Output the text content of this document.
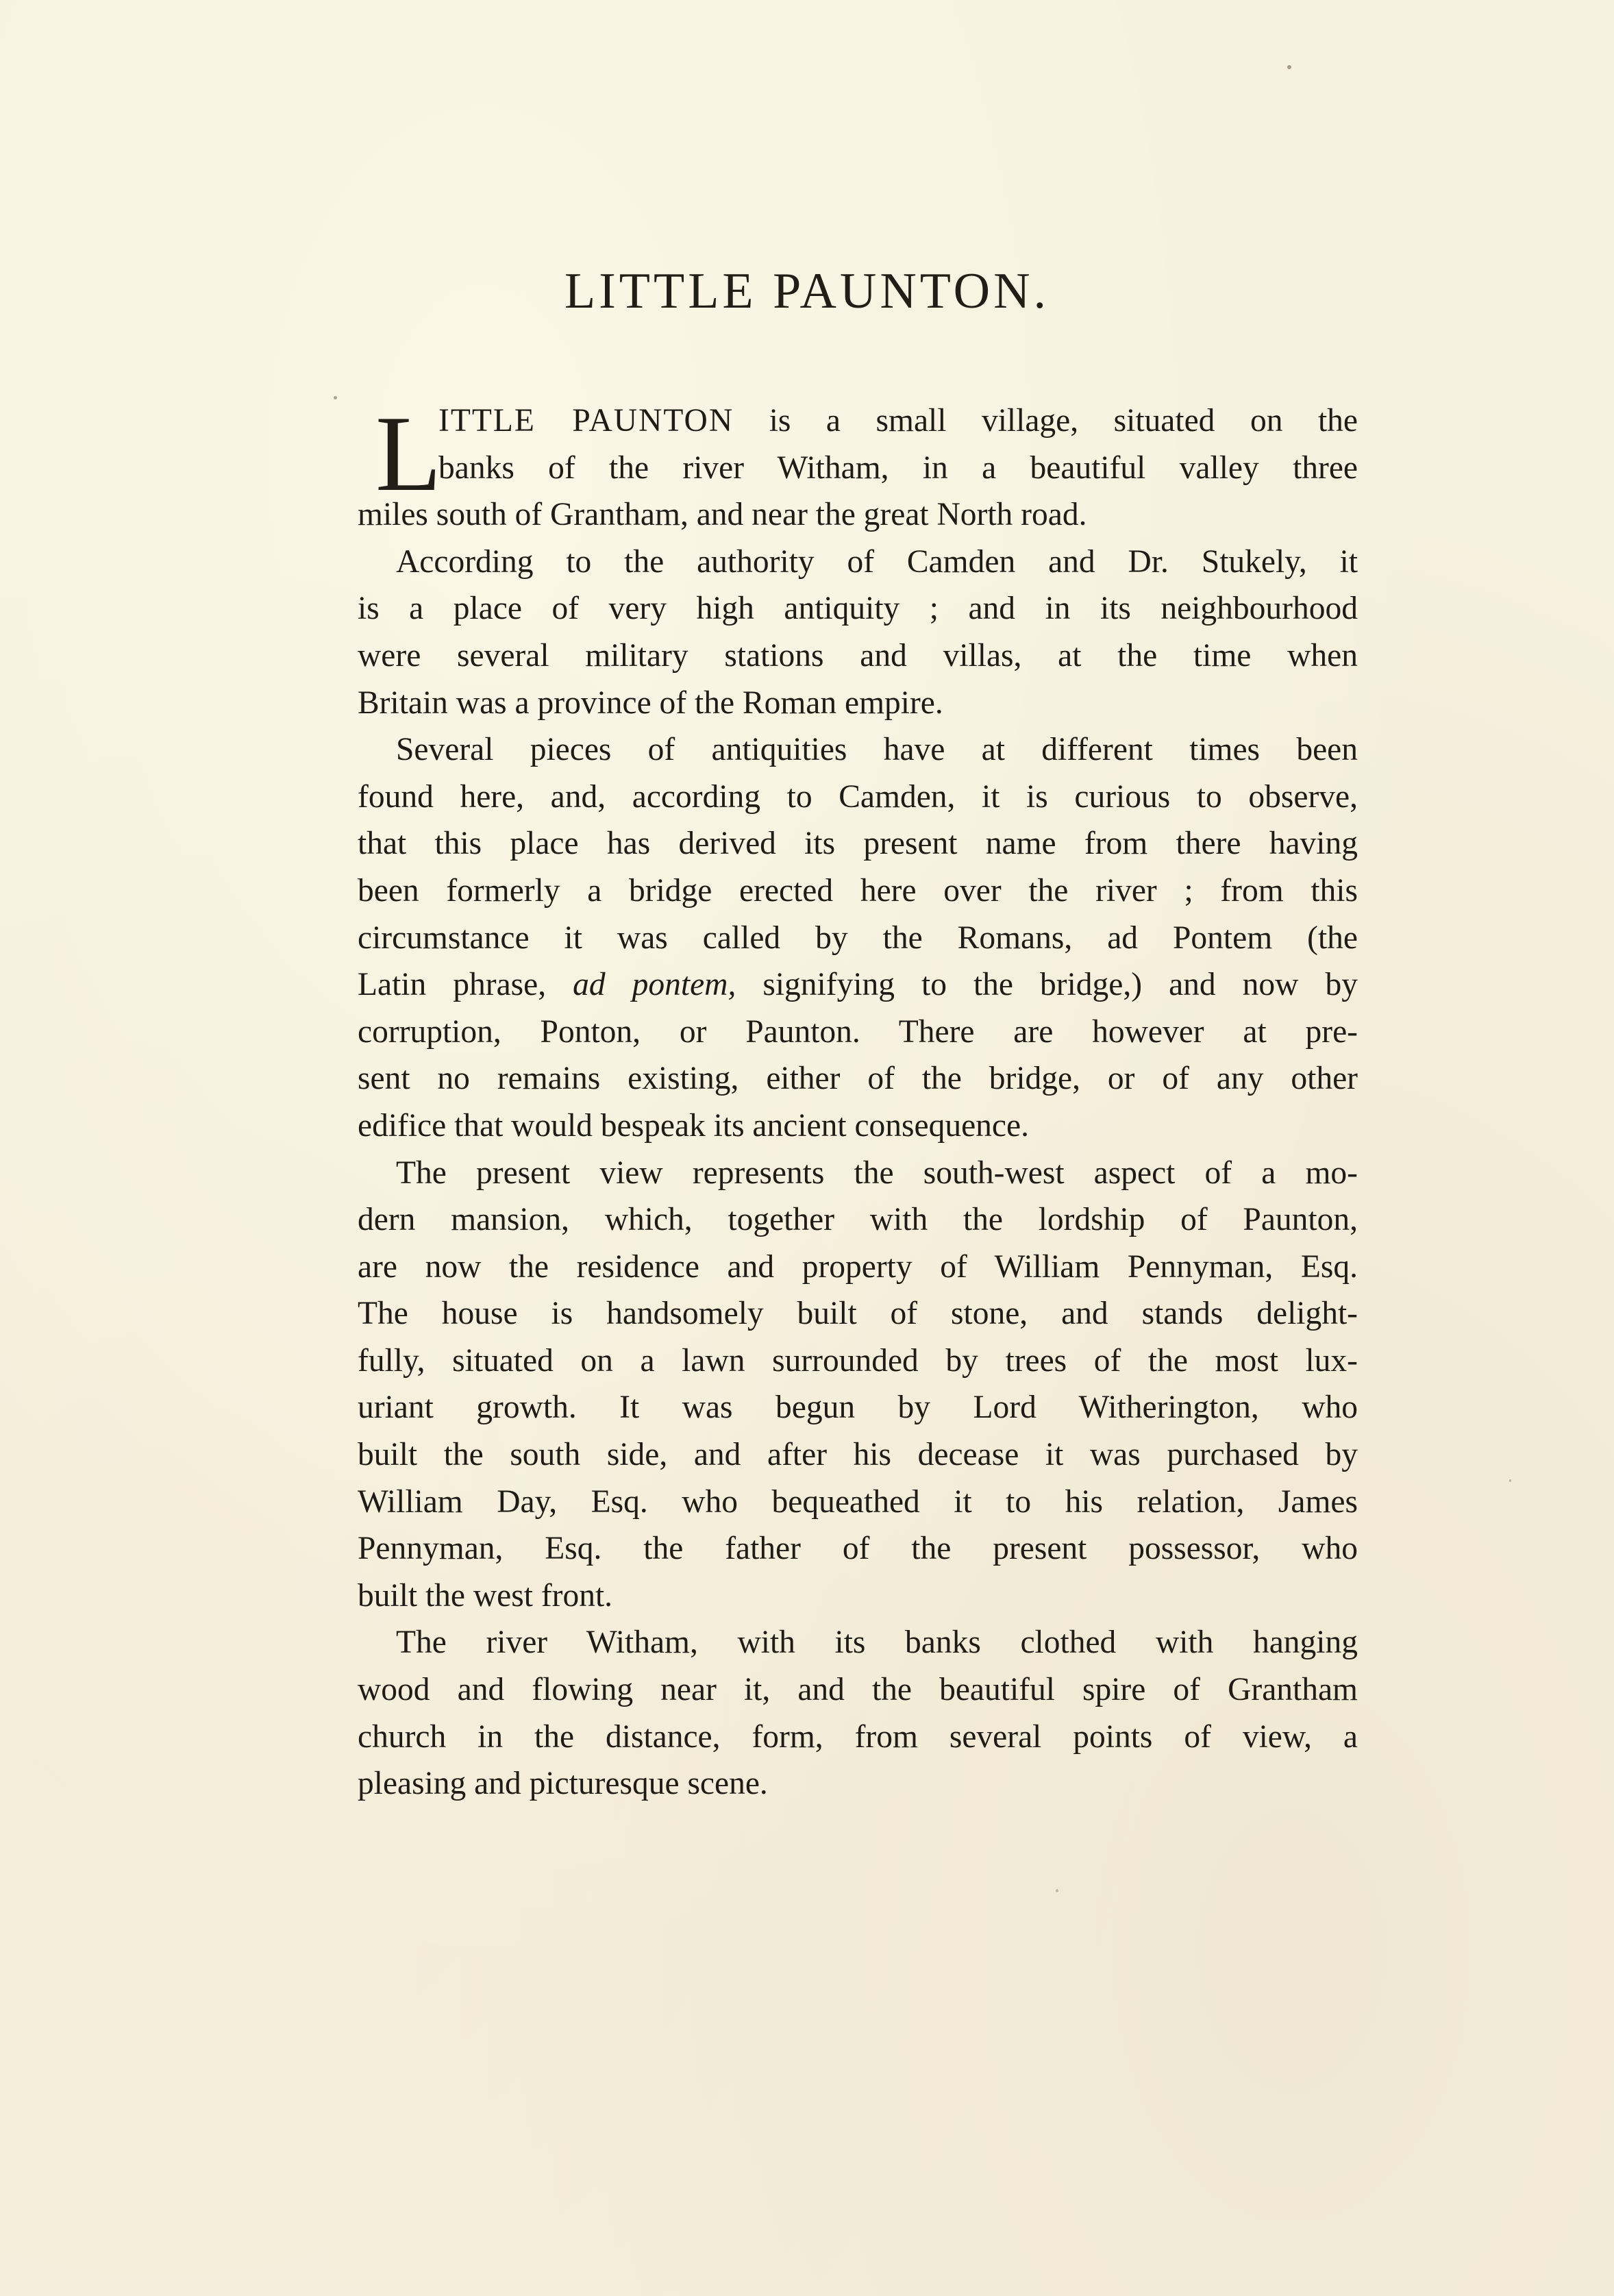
LITTLE PAUNTON.
L
ITTLE PAUNTON is a small village, situated on the
banks of the river Witham, in a beautiful valley three
miles south of Grantham, and near the great North road.
According to the authority of Camden and Dr. Stukely, it
is a place of very high antiquity ; and in its neighbourhood
were several military stations and villas, at the time when
Britain was a province of the Roman empire.
Several pieces of antiquities have at different times been
found here, and, according to Camden, it is curious to observe,
that this place has derived its present name from there having
been formerly a bridge erected here over the river ; from this
circumstance it was called by the Romans, ad Pontem (the
Latin phrase, ad pontem, signifying to the bridge,) and now by
corruption, Ponton, or Paunton. There are however at pre-
sent no remains existing, either of the bridge, or of any other
edifice that would bespeak its ancient consequence.
The present view represents the south-west aspect of a mo-
dern mansion, which, together with the lordship of Paunton,
are now the residence and property of William Pennyman, Esq.
The house is handsomely built of stone, and stands delight-
fully, situated on a lawn surrounded by trees of the most lux-
uriant growth. It was begun by Lord Witherington, who
built the south side, and after his decease it was purchased by
William Day, Esq. who bequeathed it to his relation, James
Pennyman, Esq. the father of the present possessor, who
built the west front.
The river Witham, with its banks clothed with hanging
wood and flowing near it, and the beautiful spire of Grantham
church in the distance, form, from several points of view, a
pleasing and picturesque scene.
